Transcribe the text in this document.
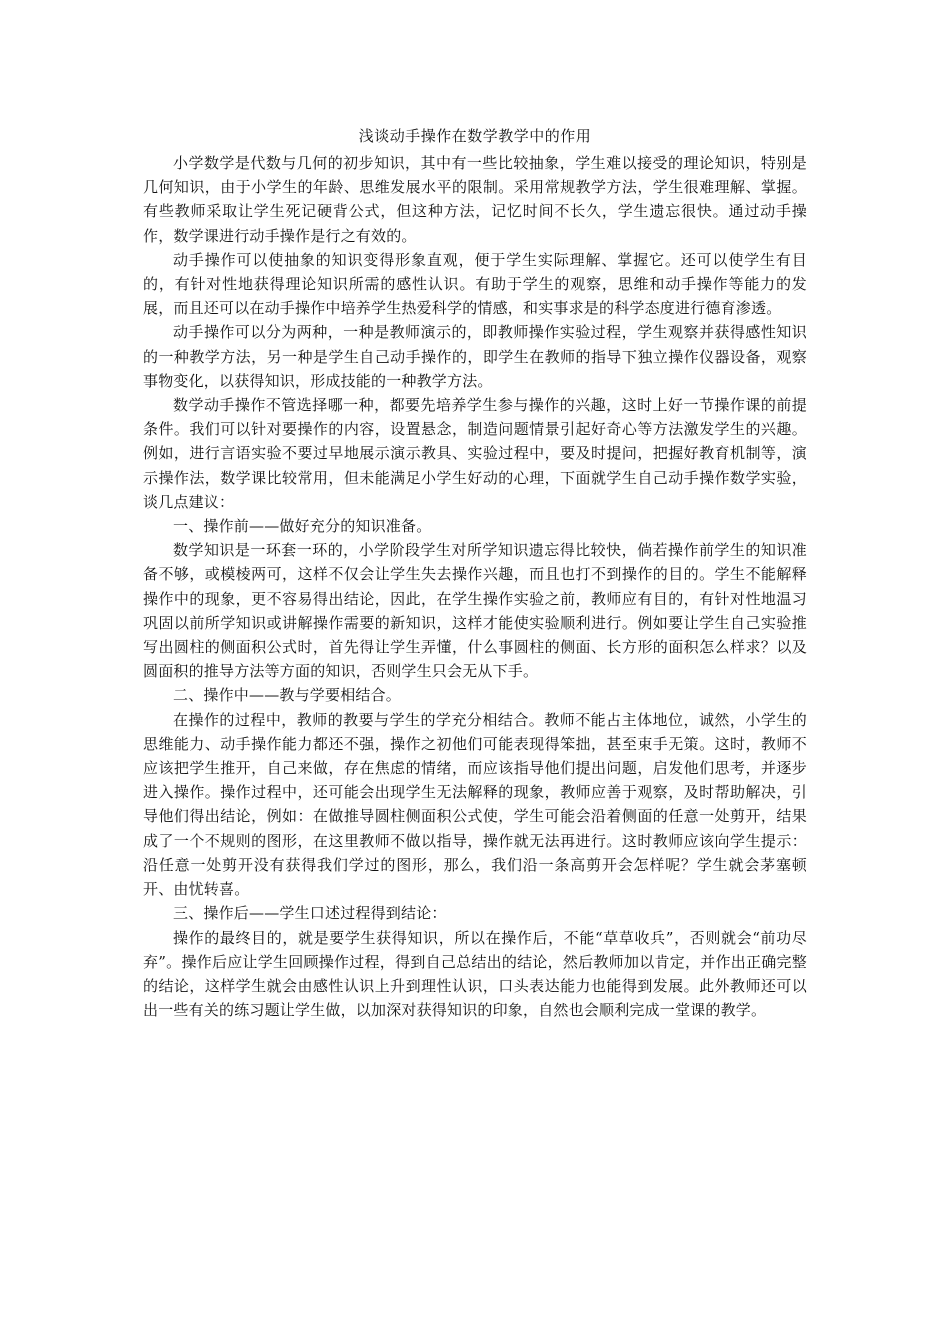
浅谈动手操作在数学教学中的作用

小学数学是代数与几何的初步知识，其中有一些比较抽象，学生难以接受的理论知识，特别是几何知识，由于小学生的年龄、思维发展水平的限制。采用常规教学方法，学生很难理解、掌握。有些教师采取让学生死记硬背公式，但这种方法，记忆时间不长久，学生遗忘很快。通过动手操作，数学课进行动手操作是行之有效的。

动手操作可以使抽象的知识变得形象直观，便于学生实际理解、掌握它。还可以使学生有目的，有针对性地获得理论知识所需的感性认识。有助于学生的观察，思维和动手操作等能力的发展，而且还可以在动手操作中培养学生热爱科学的情感，和实事求是的科学态度进行德育渗透。

动手操作可以分为两种，一种是教师演示的，即教师操作实验过程，学生观察并获得感性知识的一种教学方法，另一种是学生自己动手操作的，即学生在教师的指导下独立操作仪器设备，观察事物变化，以获得知识，形成技能的一种教学方法。

数学动手操作不管选择哪一种，都要先培养学生参与操作的兴趣，这时上好一节操作课的前提条件。我们可以针对要操作的内容，设置悬念，制造问题情景引起好奇心等方法激发学生的兴趣。例如，进行言语实验不要过早地展示演示教具、实验过程中，要及时提问，把握好教育机制等，演示操作法，数学课比较常用，但未能满足小学生好动的心理，下面就学生自己动手操作数学实验，谈几点建议：

一、操作前——做好充分的知识准备。

数学知识是一环套一环的，小学阶段学生对所学知识遗忘得比较快，倘若操作前学生的知识准备不够，或模棱两可，这样不仅会让学生失去操作兴趣，而且也打不到操作的目的。学生不能解释操作中的现象，更不容易得出结论，因此，在学生操作实验之前，教师应有目的，有针对性地温习巩固以前所学知识或讲解操作需要的新知识，这样才能使实验顺利进行。例如要让学生自己实验推写出圆柱的侧面积公式时，首先得让学生弄懂，什么事圆柱的侧面、长方形的面积怎么样求？以及圆面积的推导方法等方面的知识，否则学生只会无从下手。

二、操作中——教与学要相结合。

在操作的过程中，教师的教要与学生的学充分相结合。教师不能占主体地位，诚然，小学生的思维能力、动手操作能力都还不强，操作之初他们可能表现得笨拙，甚至束手无策。这时，教师不应该把学生推开，自己来做，存在焦虑的情绪，而应该指导他们提出问题，启发他们思考，并逐步进入操作。操作过程中，还可能会出现学生无法解释的现象，教师应善于观察，及时帮助解决，引导他们得出结论，例如：在做推导圆柱侧面积公式使，学生可能会沿着侧面的任意一处剪开，结果成了一个不规则的图形，在这里教师不做以指导，操作就无法再进行。这时教师应该向学生提示：沿任意一处剪开没有获得我们学过的图形，那么，我们沿一条高剪开会怎样呢？学生就会茅塞顿开、由忧转喜。

三、操作后——学生口述过程得到结论：

操作的最终目的，就是要学生获得知识，所以在操作后，不能“草草收兵”，否则就会“前功尽弃”。操作后应让学生回顾操作过程，得到自己总结出的结论，然后教师加以肯定，并作出正确完整的结论，这样学生就会由感性认识上升到理性认识，口头表达能力也能得到发展。此外教师还可以出一些有关的练习题让学生做，以加深对获得知识的印象，自然也会顺利完成一堂课的教学。
